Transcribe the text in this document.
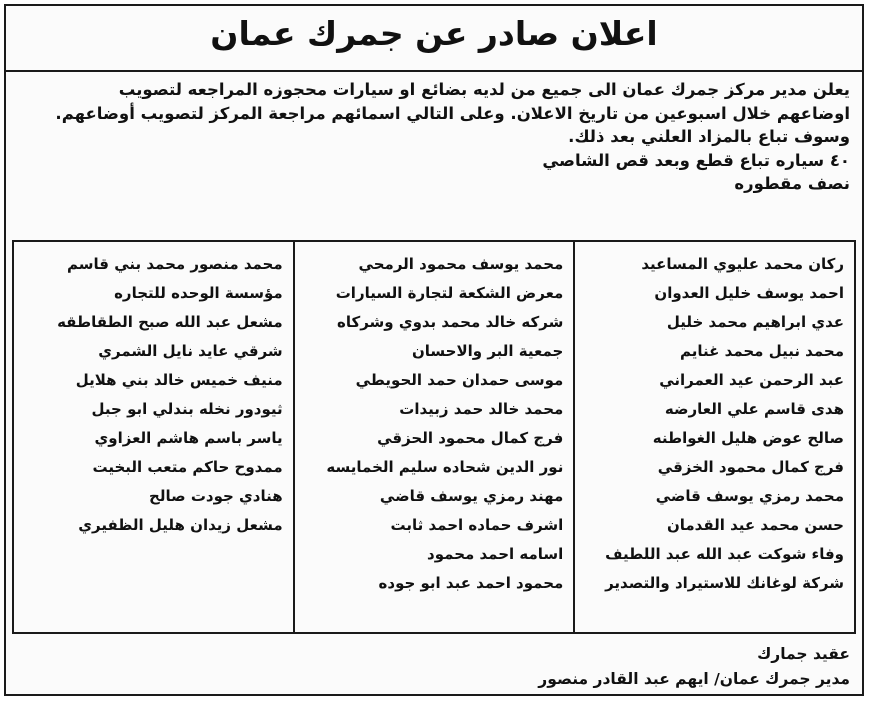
اعلان صادر عن جمرك عمان
يعلن مدير مركز جمرك عمان الى جميع من لديه بضائع او سيارات محجوزه المراجعه لتصويب
اوضاعهم خلال اسبوعين من تاريخ الاعلان. وعلى التالي اسمائهم مراجعة المركز لتصويب أوضاعهم.
وسوف تباع بالمزاد العلني بعد ذلك.
٤٠ سياره تباع قطع وبعد قص الشاصي
نصف مقطوره
ركان محمد عليوي المساعيد
احمد يوسف خليل العدوان
عدي ابراهيم محمد خليل
محمد نبيل محمد غنايم
عبد الرحمن عيد العمراني
هدى قاسم علي العارضه
صالح عوض هليل الغواطنه
فرج كمال محمود الخزقي
محمد رمزي يوسف قاضي
حسن محمد عيد القدمان
وفاء شوكت عبد الله عبد اللطيف
شركة لوغانك للاستيراد والتصدير
محمد يوسف محمود الرمحي
معرض الشكعة لتجارة السيارات
شركه خالد محمد بدوي وشركاه
جمعية البر والاحسان
موسى حمدان حمد الحويطي
محمد خالد حمد زبيدات
فرج كمال محمود الحزقي
نور الدين شحاده سليم الخمايسه
مهند رمزي يوسف قاضي
اشرف حماده احمد ثابت
اسامه احمد محمود
محمود احمد عبد ابو جوده
محمد منصور محمد بني قاسم
مؤسسة الوحده للتجاره
مشعل عبد الله صبح الطقاطقه
شرقي عايد نايل الشمري
منيف خميس خالد بني هلايل
ثيودور نخله بندلي ابو جبل
ياسر باسم هاشم العزاوي
ممدوح حاكم متعب البخيت
هنادي جودت صالح
مشعل زيدان هليل الظفيري
عقيد جمارك
مدير جمرك عمان/ ايهم عبد القادر منصور
